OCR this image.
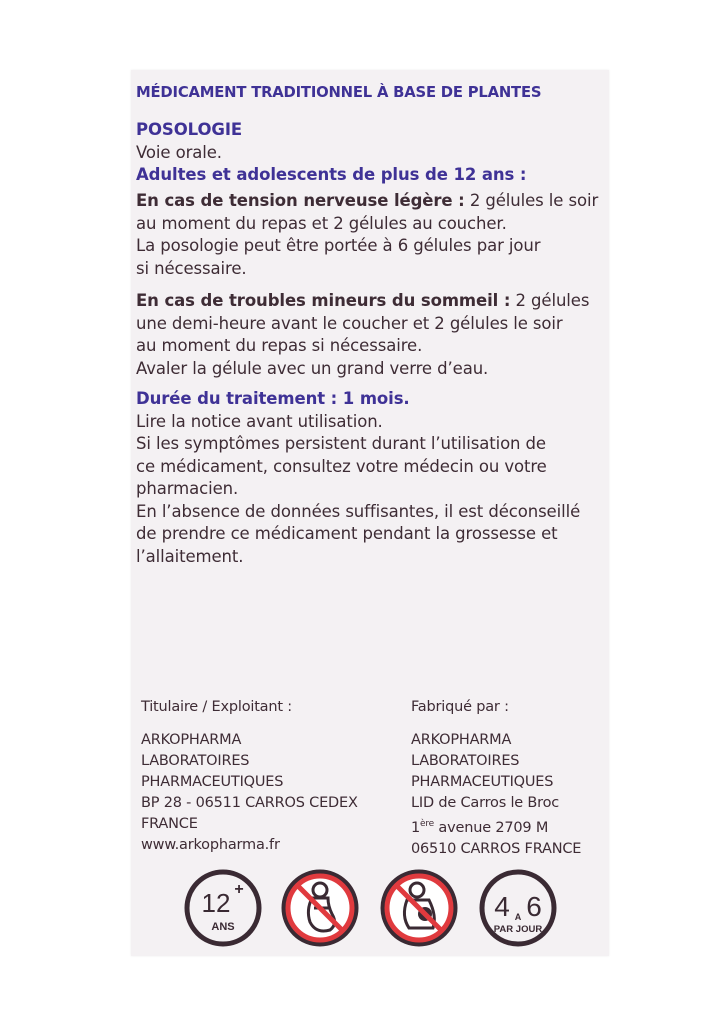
MÉDICAMENT TRADITIONNEL À BASE DE PLANTES
POSOLOGIE
Voie orale.
Adultes et adolescents de plus de 12 ans :
En cas de tension nerveuse légère : 2 gélules le soir
au moment du repas et 2 gélules au coucher.
La posologie peut être portée à 6 gélules par jour
si nécessaire.
En cas de troubles mineurs du sommeil : 2 gélules
une demi-heure avant le coucher et 2 gélules le soir
au moment du repas si nécessaire.
Avaler la gélule avec un grand verre d’eau.
Durée du traitement : 1 mois.
Lire la notice avant utilisation.
Si les symptômes persistent durant l’utilisation de
ce médicament, consultez votre médecin ou votre
pharmacien.
En l’absence de données suffisantes, il est déconseillé
de prendre ce médicament pendant la grossesse et
l’allaitement.
Titulaire / Exploitant :
ARKOPHARMA
LABORATOIRES
PHARMACEUTIQUES
BP 28 - 06511 CARROS CEDEX
FRANCE
www.arkopharma.fr
Fabriqué par :
ARKOPHARMA
LABORATOIRES
PHARMACEUTIQUES
LID de Carros le Broc
1ère avenue 2709 M
06510 CARROS FRANCE
12 +
ANS
4 A 6
PAR JOUR
